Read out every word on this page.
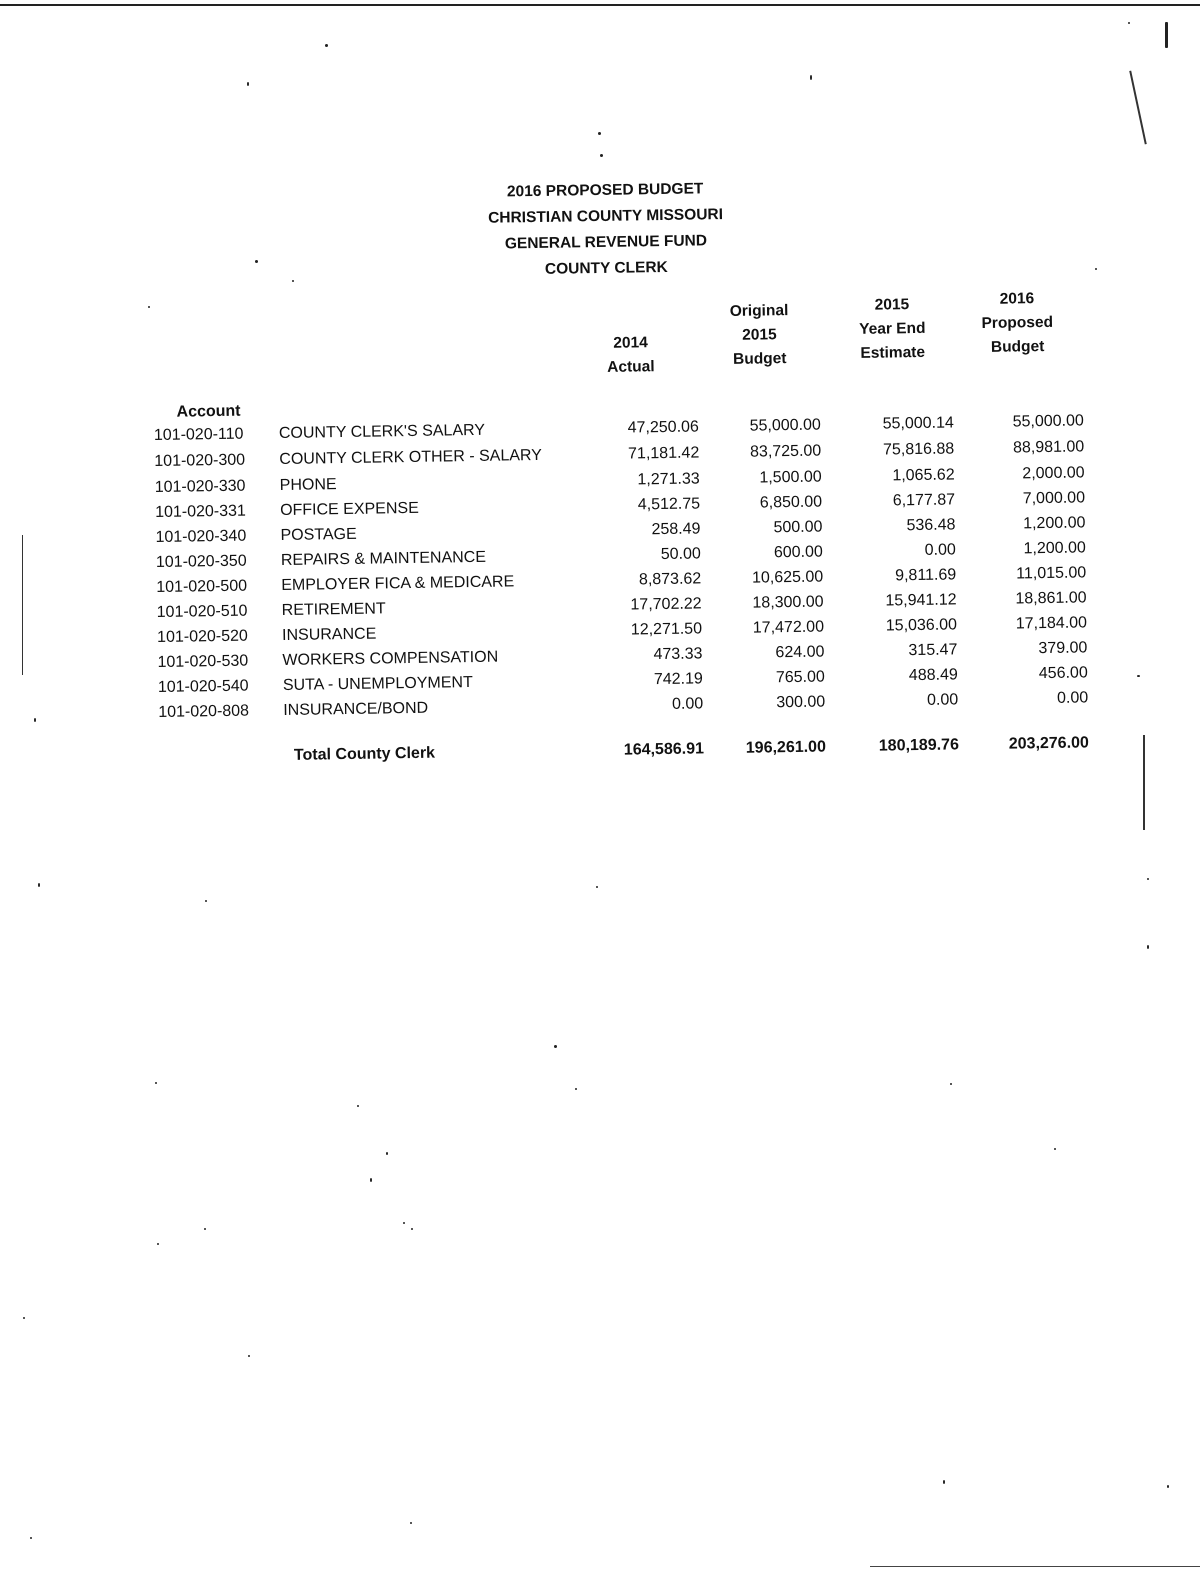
2016 PROPOSED BUDGET
CHRISTIAN COUNTY MISSOURI
GENERAL REVENUE FUND
COUNTY CLERK
2014
Actual
Original
2015
Budget
2015
Year End
Estimate
2016
Proposed
Budget
Account
101-020-110 COUNTY CLERK'S SALARY	47,250.06	55,000.00	55,000.14	55,000.00
101-020-300 COUNTY CLERK OTHER - SALARY	71,181.42	83,725.00	75,816.88	88,981.00
101-020-330 PHONE	1,271.33	1,500.00	1,065.62	2,000.00
101-020-331 OFFICE EXPENSE	4,512.75	6,850.00	6,177.87	7,000.00
101-020-340 POSTAGE	258.49	500.00	536.48	1,200.00
101-020-350 REPAIRS & MAINTENANCE	50.00	600.00	0.00	1,200.00
101-020-500 EMPLOYER FICA & MEDICARE	8,873.62	10,625.00	9,811.69	11,015.00
101-020-510 RETIREMENT	17,702.22	18,300.00	15,941.12	18,861.00
101-020-520 INSURANCE	12,271.50	17,472.00	15,036.00	17,184.00
101-020-530 WORKERS COMPENSATION	473.33	624.00	315.47	379.00
101-020-540 SUTA - UNEMPLOYMENT	742.19	765.00	488.49	456.00
101-020-808 INSURANCE/BOND	0.00	300.00	0.00	0.00
Total County Clerk	164,586.91	196,261.00	180,189.76	203,276.00
